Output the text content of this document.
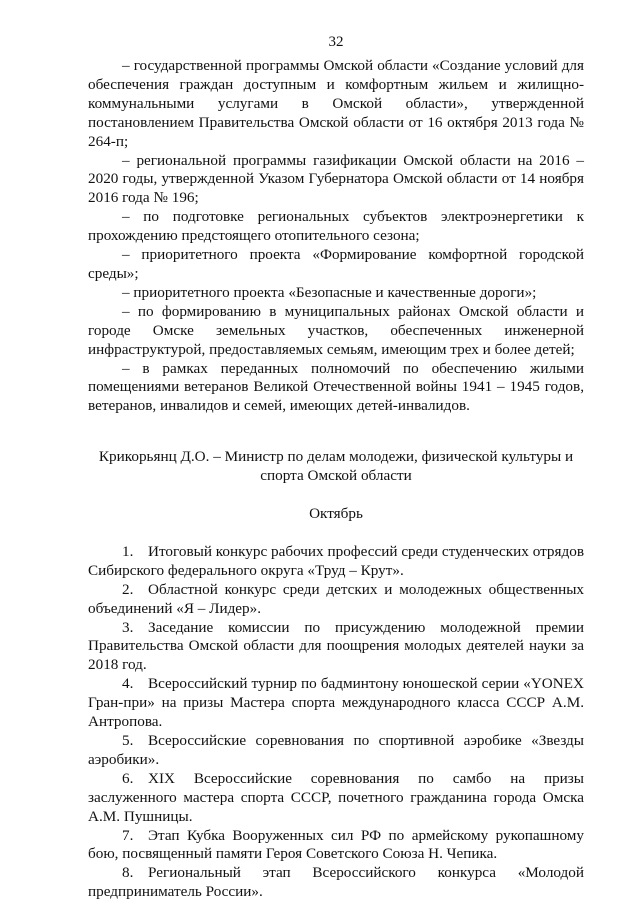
32

– государственной программы Омской области «Создание условий для обеспечения граждан доступным и комфортным жильем и жилищно-коммунальными услугами в Омской области», утвержденной постановлением Правительства Омской области от 16 октября 2013 года № 264-п;

– региональной программы газификации Омской области на 2016 – 2020 годы, утвержденной Указом Губернатора Омской области от 14 ноября 2016 года № 196;

– по подготовке региональных субъектов электроэнергетики к прохождению предстоящего отопительного сезона;

– приоритетного проекта «Формирование комфортной городской среды»;

– приоритетного проекта «Безопасные и качественные дороги»;

– по формированию в муниципальных районах Омской области и городе Омске земельных участков, обеспеченных инженерной инфраструктурой, предоставляемых семьям, имеющим трех и более детей;

– в рамках переданных полномочий по обеспечению жилыми помещениями ветеранов Великой Отечественной войны 1941 – 1945 годов, ветеранов, инвалидов и семей, имеющих детей-инвалидов.

Крикорьянц Д.О. – Министр по делам молодежи, физической культуры и спорта Омской области

Октябрь

1. Итоговый конкурс рабочих профессий среди студенческих отрядов Сибирского федерального округа «Труд – Крут».

2. Областной конкурс среди детских и молодежных общественных объединений «Я – Лидер».

3. Заседание комиссии по присуждению молодежной премии Правительства Омской области для поощрения молодых деятелей науки за 2018 год.

4. Всероссийский турнир по бадминтону юношеской серии «YONEX Гран-при» на призы Мастера спорта международного класса СССР А.М. Антропова.

5. Всероссийские соревнования по спортивной аэробике «Звезды аэробики».

6. XIX Всероссийские соревнования по самбо на призы заслуженного мастера спорта СССР, почетного гражданина города Омска А.М. Пушницы.

7. Этап Кубка Вооруженных сил РФ по армейскому рукопашному бою, посвященный памяти Героя Советского Союза Н. Чепика.

8. Региональный этап Всероссийского конкурса «Молодой предприниматель России».
